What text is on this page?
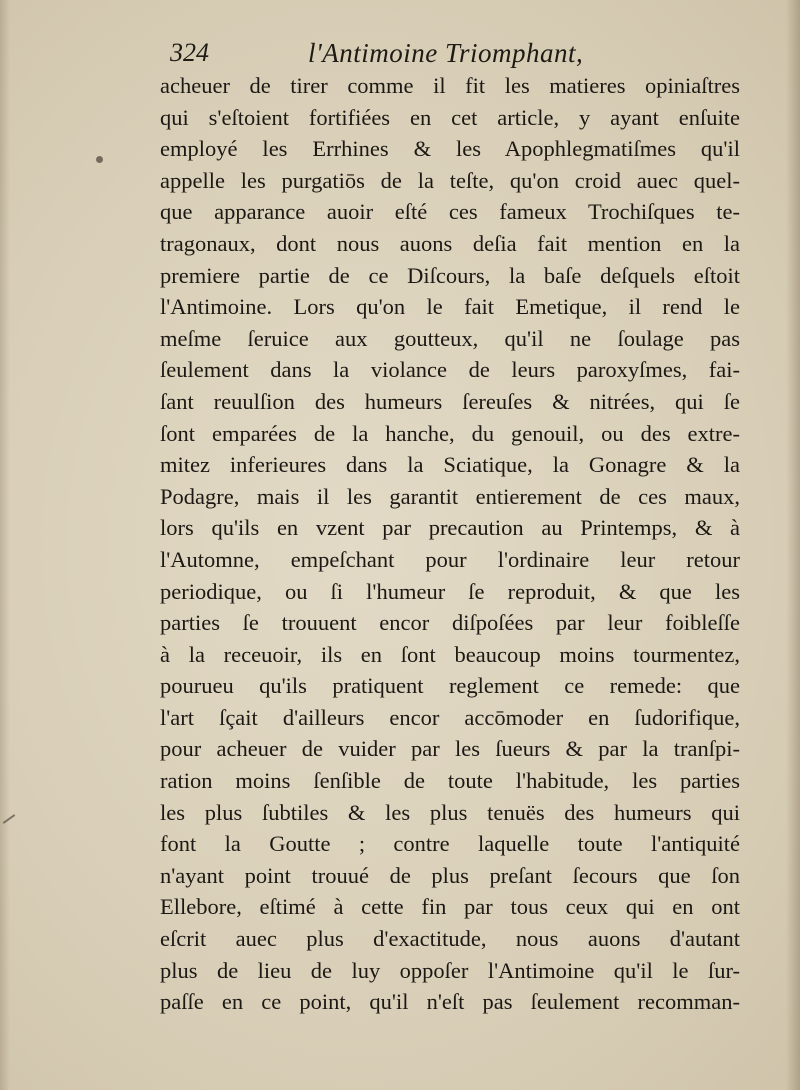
324	l'Antimoine Triomphant,
acheuer de tirer comme il fit les matieres opiniaſtres
qui s'eſtoient fortifiées en cet article, y ayant enſuite
employé les Errhines & les Apophlegmatiſmes qu'il
appelle les purgatiōs de la teſte, qu'on croid auec quel-
que apparance auoir eſté ces fameux Trochiſques te-
tragonaux, dont nous auons deſia fait mention en la
premiere partie de ce Diſcours, la baſe deſquels eſtoit
l'Antimoine. Lors qu'on le fait Emetique, il rend le
meſme ſeruice aux goutteux, qu'il ne ſoulage pas
ſeulement dans la violance de leurs paroxyſmes, fai-
ſant reuulſion des humeurs ſereuſes & nitrées, qui ſe
ſont emparées de la hanche, du genouil, ou des extre-
mitez inferieures dans la Sciatique, la Gonagre & la
Podagre, mais il les garantit entierement de ces maux,
lors qu'ils en vzent par precaution au Printemps, & à
l'Automne, empeſchant pour l'ordinaire leur retour
periodique, ou ſi l'humeur ſe reproduit, & que les
parties ſe trouuent encor diſpoſées par leur foibleſſe
à la receuoir, ils en ſont beaucoup moins tourmentez,
pourueu qu'ils pratiquent reglement ce remede: que
l'art ſçait d'ailleurs encor accōmoder en ſudorifique,
pour acheuer de vuider par les ſueurs & par la tranſpi-
ration moins ſenſible de toute l'habitude, les parties
les plus ſubtiles & les plus tenuës des humeurs qui
font la Goutte ; contre laquelle toute l'antiquité
n'ayant point trouué de plus preſant ſecours que ſon
Ellebore, eſtimé à cette fin par tous ceux qui en ont
eſcrit auec plus d'exactitude, nous auons d'autant
plus de lieu de luy oppoſer l'Antimoine qu'il le ſur-
paſſe en ce point, qu'il n'eſt pas ſeulement recomman-
